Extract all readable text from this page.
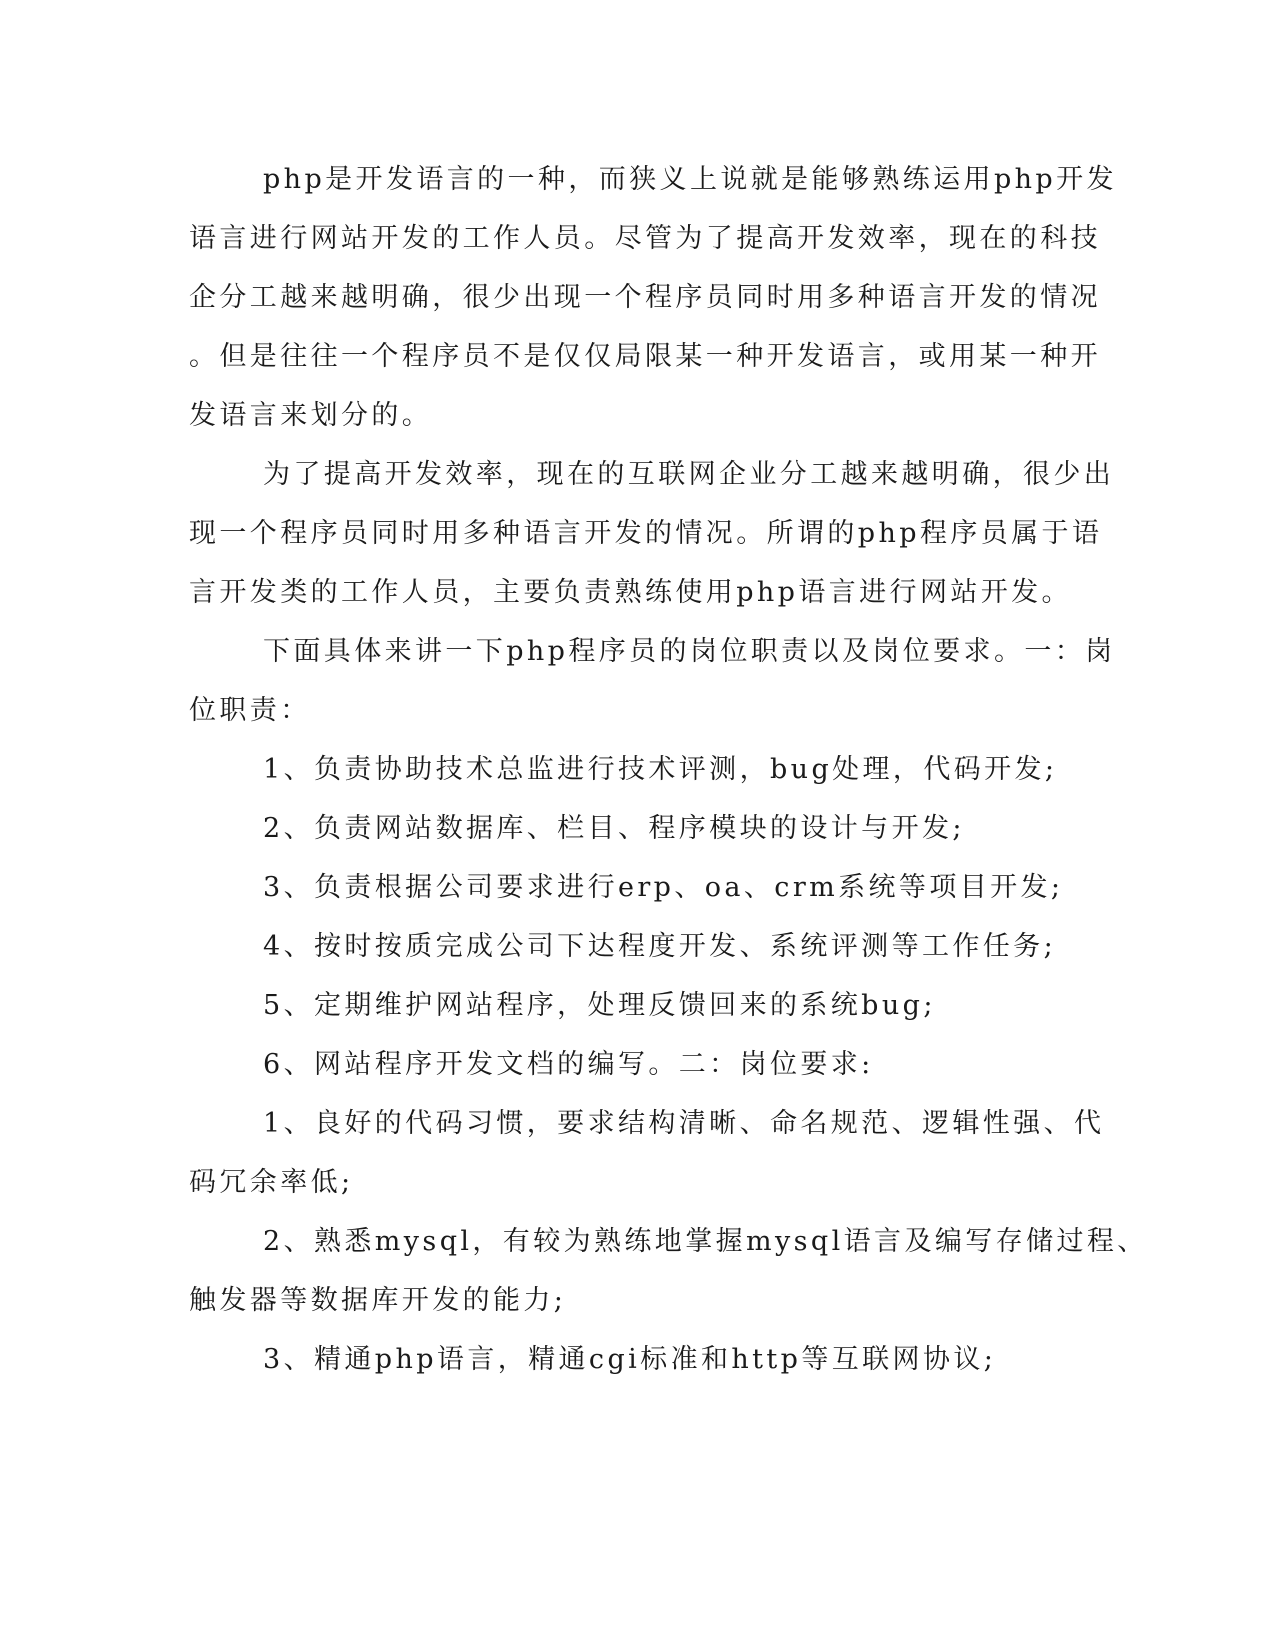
php是开发语言的一种，而狭义上说就是能够熟练运用php开发
语言进行网站开发的工作人员。尽管为了提高开发效率，现在的科技
企分工越来越明确，很少出现一个程序员同时用多种语言开发的情况
。但是往往一个程序员不是仅仅局限某一种开发语言，或用某一种开
发语言来划分的。
为了提高开发效率，现在的互联网企业分工越来越明确，很少出
现一个程序员同时用多种语言开发的情况。所谓的php程序员属于语
言开发类的工作人员，主要负责熟练使用php语言进行网站开发。
下面具体来讲一下php程序员的岗位职责以及岗位要求。一：岗
位职责：
1、负责协助技术总监进行技术评测，bug处理，代码开发;
2、负责网站数据库、栏目、程序模块的设计与开发;
3、负责根据公司要求进行erp、oa、crm系统等项目开发;
4、按时按质完成公司下达程度开发、系统评测等工作任务;
5、定期维护网站程序，处理反馈回来的系统bug;
6、网站程序开发文档的编写。二：岗位要求:
1、良好的代码习惯，要求结构清晰、命名规范、逻辑性强、代
码冗余率低;
2、熟悉mysql，有较为熟练地掌握mysql语言及编写存储过程、
触发器等数据库开发的能力;
3、精通php语言，精通cgi标准和http等互联网协议;
